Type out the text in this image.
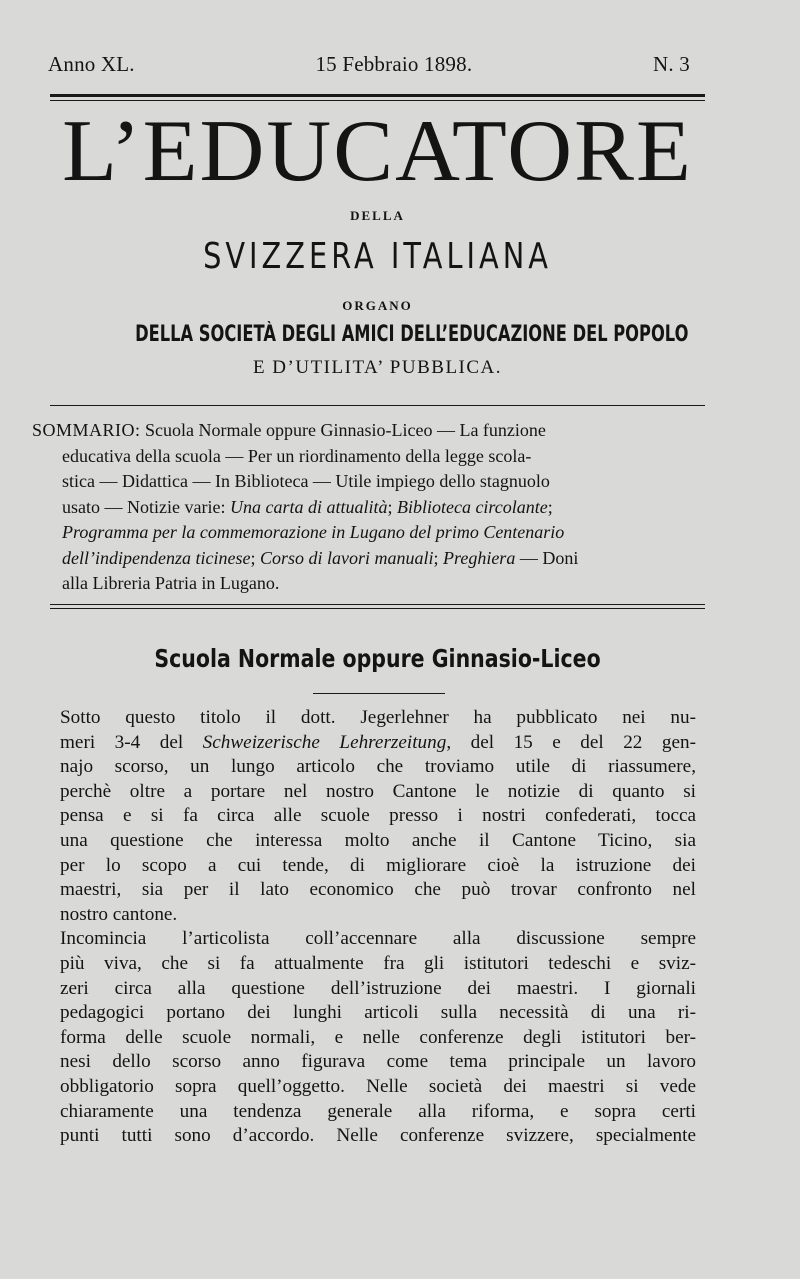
Anno XL.	15 Febbraio 1898.	N. 3
L’EDUCATORE
DELLA
SVIZZERA ITALIANA
ORGANO
DELLA SOCIETÀ DEGLI AMICI DELL’EDUCAZIONE DEL POPOLO
E D’UTILITA’ PUBBLICA.
SOMMARIO: Scuola Normale oppure Ginnasio-Liceo — La funzione
educativa della scuola — Per un riordinamento della legge scola-
stica — Didattica — In Biblioteca — Utile impiego dello stagnuolo
usato — Notizie varie: Una carta di attualità; Biblioteca circolante;
Programma per la commemorazione in Lugano del primo Centenario
dell’indipendenza ticinese; Corso di lavori manuali; Preghiera — Doni
alla Libreria Patria in Lugano.
Scuola Normale oppure Ginnasio-Liceo

Sotto questo titolo il dott. Jegerlehner ha pubblicato nei nu-
meri 3-4 del Schweizerische Lehrerzeitung, del 15 e del 22 gen-
najo scorso, un lungo articolo che troviamo utile di riassumere,
perchè oltre a portare nel nostro Cantone le notizie di quanto si
pensa e si fa circa alle scuole presso i nostri confederati, tocca
una questione che interessa molto anche il Cantone Ticino, sia
per lo scopo a cui tende, di migliorare cioè la istruzione dei
maestri, sia per il lato economico che può trovar confronto nel
nostro cantone.

Incomincia l’articolista coll’accennare alla discussione sempre
più viva, che si fa attualmente fra gli istitutori tedeschi e sviz-
zeri circa alla questione dell’istruzione dei maestri. I giornali
pedagogici portano dei lunghi articoli sulla necessità di una ri-
forma delle scuole normali, e nelle conferenze degli istitutori ber-
nesi dello scorso anno figurava come tema principale un lavoro
obbligatorio sopra quell’oggetto. Nelle società dei maestri si vede
chiaramente una tendenza generale alla riforma, e sopra certi
punti tutti sono d’accordo. Nelle conferenze svizzere, specialmente
